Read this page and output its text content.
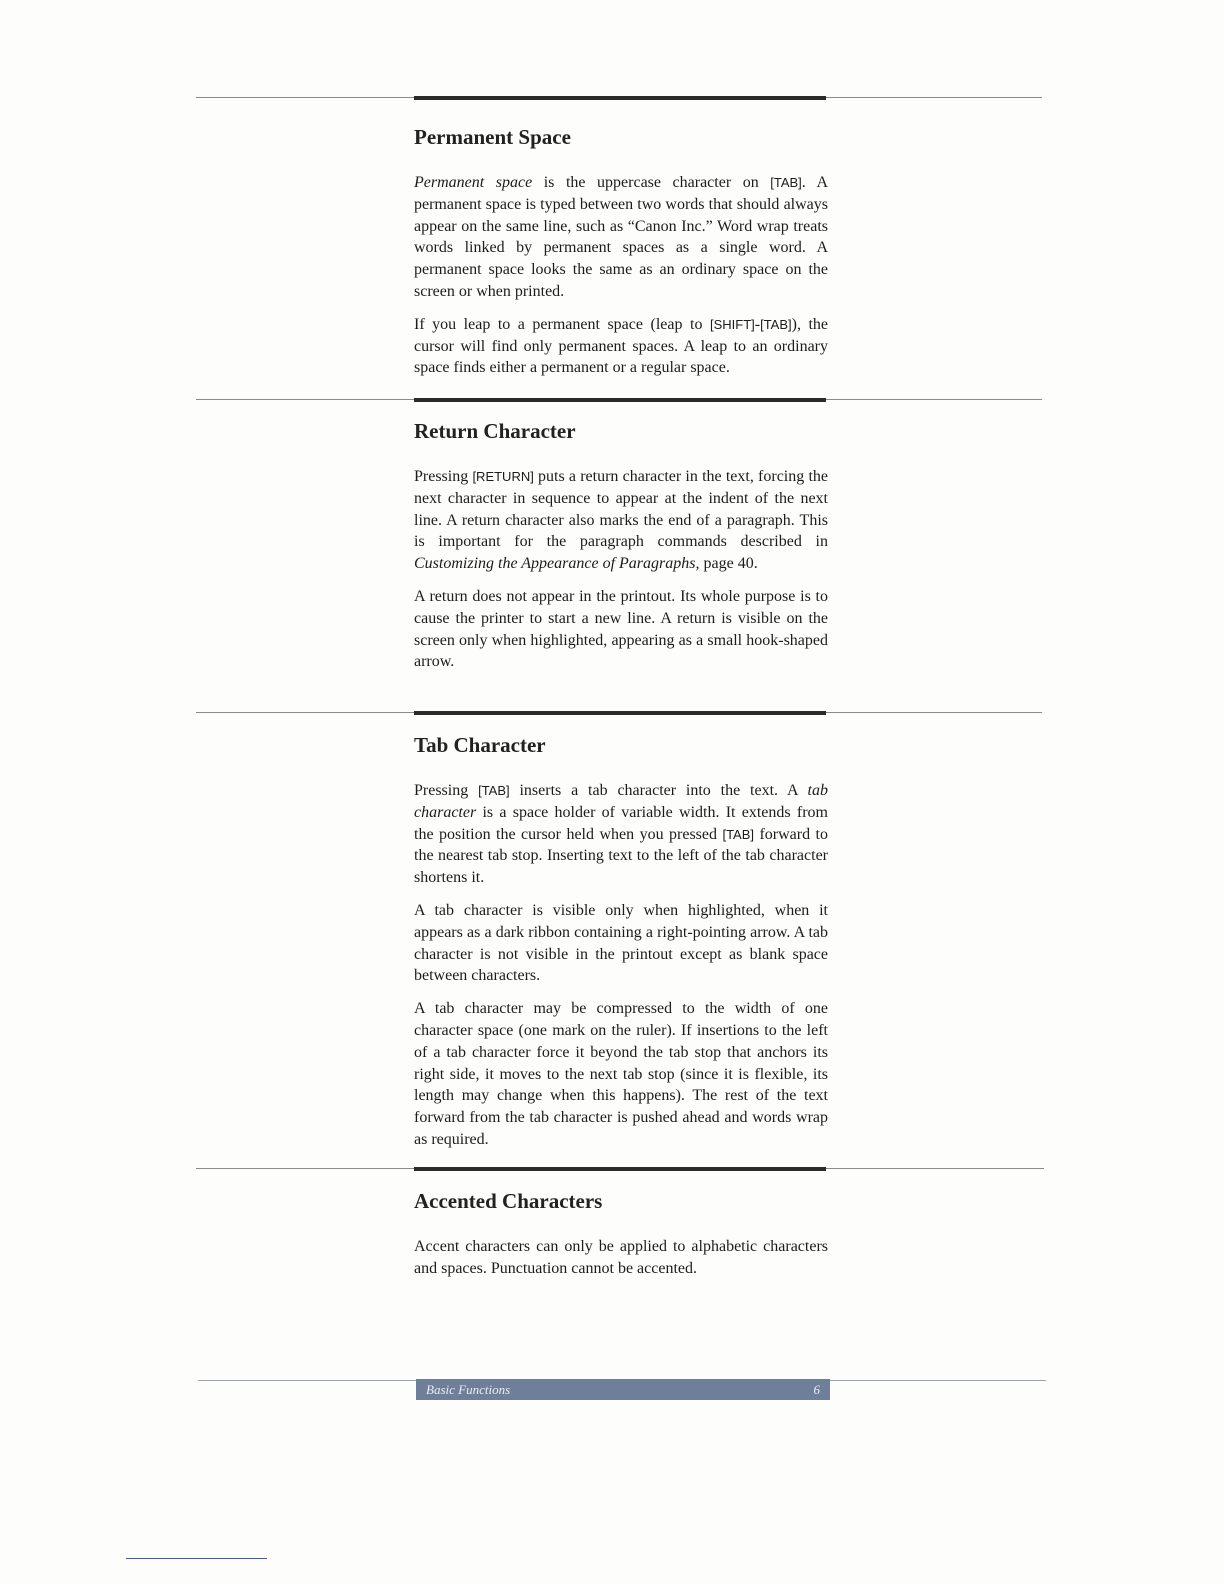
Permanent Space

Permanent space is the uppercase character on [TAB]. A permanent space is typed between two words that should always appear on the same line, such as “Canon Inc.” Word wrap treats words linked by permanent spaces as a single word. A permanent space looks the same as an ordinary space on the screen or when printed.

If you leap to a permanent space (leap to [SHIFT]-[TAB]), the cursor will find only permanent spaces. A leap to an ordinary space finds either a permanent or a regular space.

Return Character

Pressing [RETURN] puts a return character in the text, forcing the next character in sequence to appear at the indent of the next line. A return character also marks the end of a paragraph. This is important for the paragraph commands described in Customizing the Appearance of Paragraphs, page 40.

A return does not appear in the printout. Its whole purpose is to cause the printer to start a new line. A return is visible on the screen only when highlighted, appearing as a small hook-shaped arrow.

Tab Character

Pressing [TAB] inserts a tab character into the text. A tab character is a space holder of variable width. It extends from the position the cursor held when you pressed [TAB] forward to the nearest tab stop. Inserting text to the left of the tab character shortens it.

A tab character is visible only when highlighted, when it appears as a dark ribbon containing a right-pointing arrow. A tab character is not visible in the printout except as blank space between characters.

A tab character may be compressed to the width of one character space (one mark on the ruler). If insertions to the left of a tab character force it beyond the tab stop that anchors its right side, it moves to the next tab stop (since it is flexible, its length may change when this happens). The rest of the text forward from the tab character is pushed ahead and words wrap as required.

Accented Characters

Accent characters can only be applied to alphabetic characters and spaces. Punctuation cannot be accented.

Basic Functions	6
